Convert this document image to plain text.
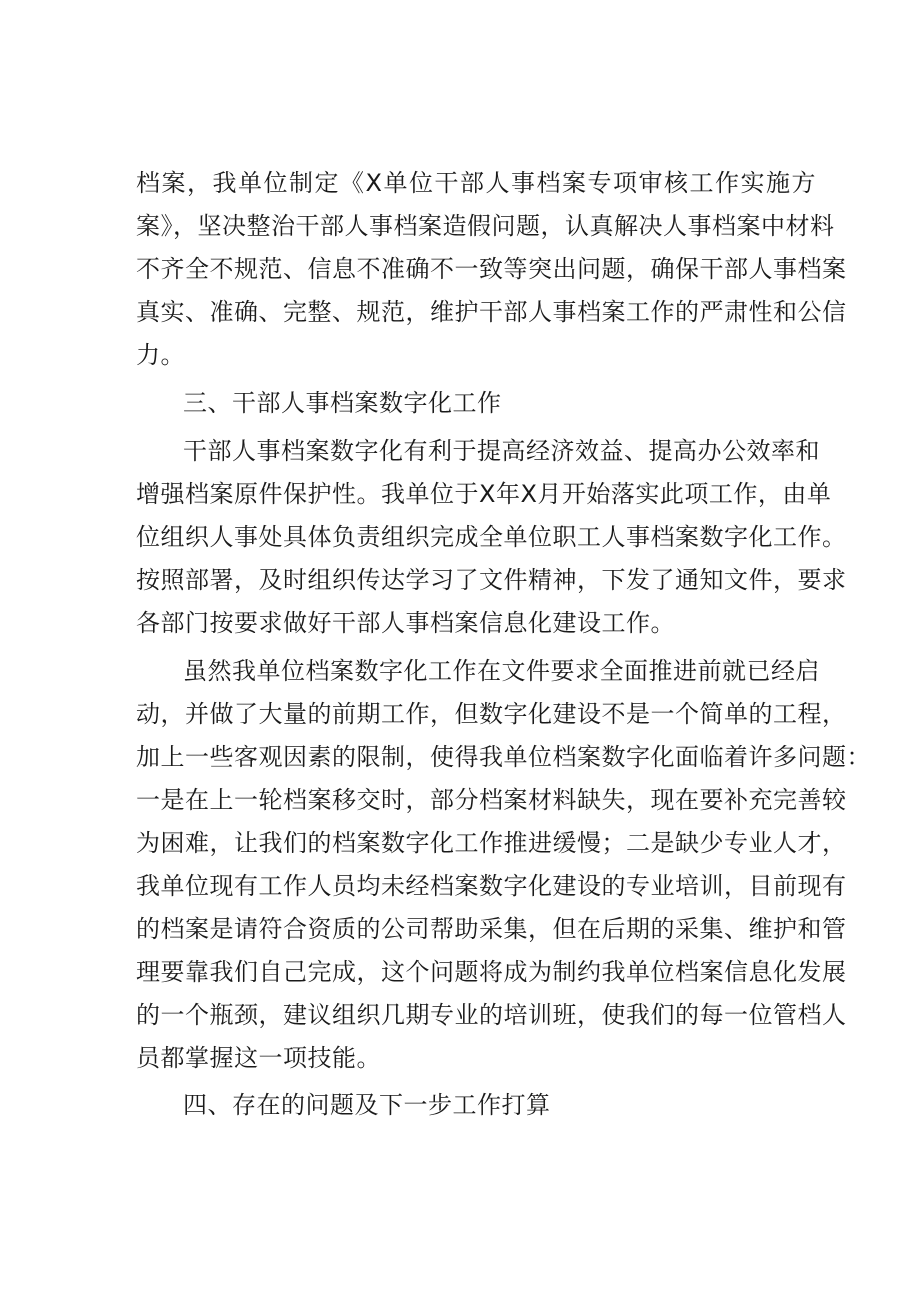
档案，我单位制定《X单位干部人事档案专项审核工作实施方

案》，坚决整治干部人事档案造假问题，认真解决人事档案中材料

不齐全不规范、信息不准确不一致等突出问题，确保干部人事档案

真实、准确、完整、规范，维护干部人事档案工作的严肃性和公信

力。

三、干部人事档案数字化工作

干部人事档案数字化有利于提高经济效益、提高办公效率和

增强档案原件保护性。我单位于X年X月开始落实此项工作，由单

位组织人事处具体负责组织完成全单位职工人事档案数字化工作。

按照部署，及时组织传达学习了文件精神，下发了通知文件，要求

各部门按要求做好干部人事档案信息化建设工作。

虽然我单位档案数字化工作在文件要求全面推进前就已经启

动，并做了大量的前期工作，但数字化建设不是一个简单的工程，

加上一些客观因素的限制，使得我单位档案数字化面临着许多问题：

一是在上一轮档案移交时，部分档案材料缺失，现在要补充完善较

为困难，让我们的档案数字化工作推进缓慢；二是缺少专业人才，

我单位现有工作人员均未经档案数字化建设的专业培训，目前现有

的档案是请符合资质的公司帮助采集，但在后期的采集、维护和管

理要靠我们自己完成，这个问题将成为制约我单位档案信息化发展

的一个瓶颈，建议组织几期专业的培训班，使我们的每一位管档人

员都掌握这一项技能。

四、存在的问题及下一步工作打算
